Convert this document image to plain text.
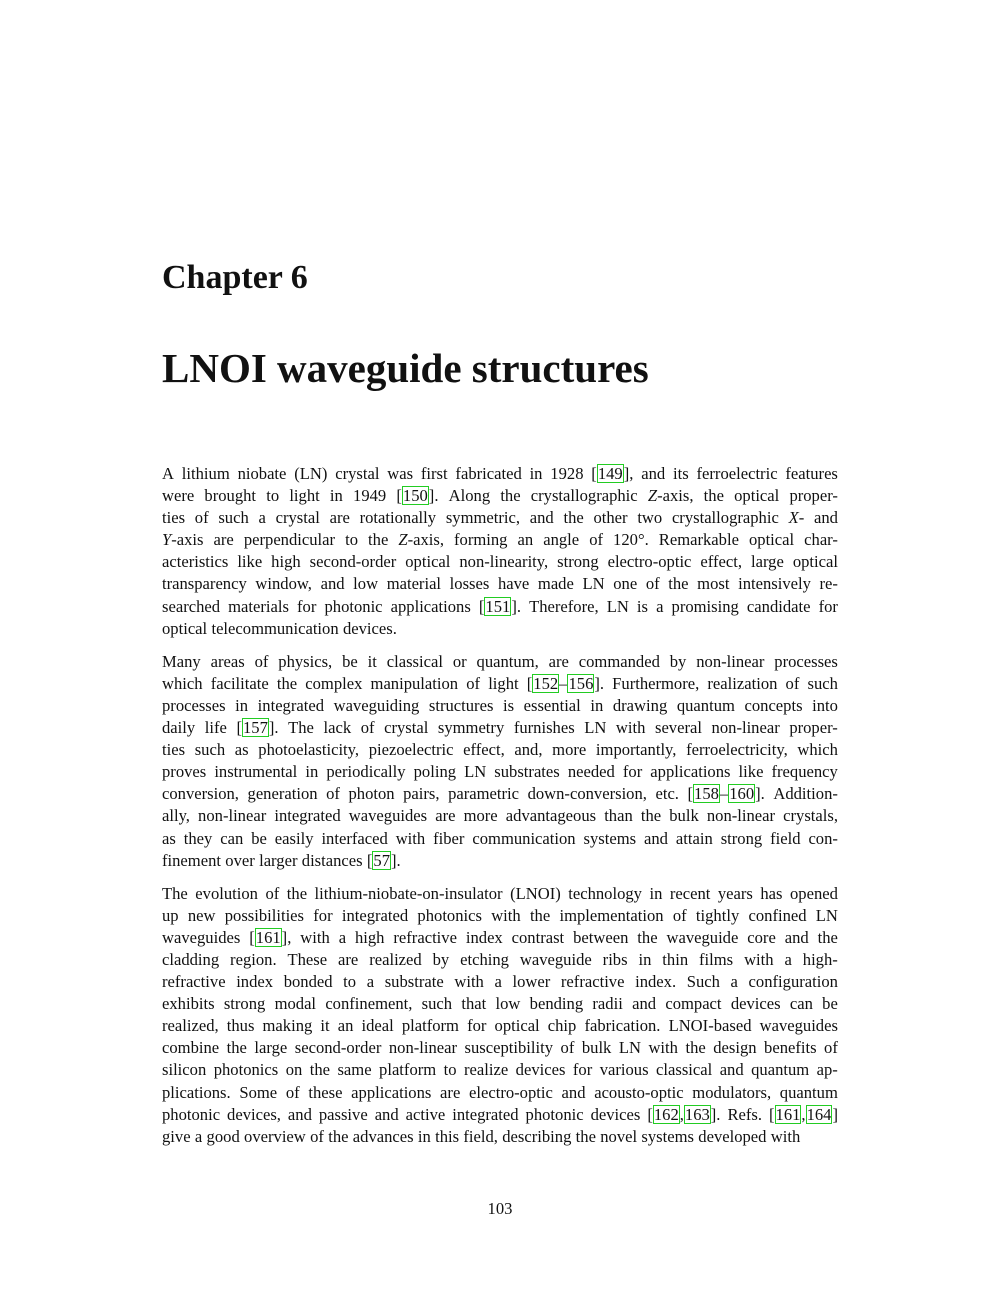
Chapter 6
LNOI waveguide structures
A lithium niobate (LN) crystal was first fabricated in 1928 [149], and its ferroelectric features
were brought to light in 1949 [150]. Along the crystallographic Z-axis, the optical proper-
ties of such a crystal are rotationally symmetric, and the other two crystallographic X- and
Y-axis are perpendicular to the Z-axis, forming an angle of 120°. Remarkable optical char-
acteristics like high second-order optical non-linearity, strong electro-optic effect, large optical
transparency window, and low material losses have made LN one of the most intensively re-
searched materials for photonic applications [151]. Therefore, LN is a promising candidate for
optical telecommunication devices.
Many areas of physics, be it classical or quantum, are commanded by non-linear processes
which facilitate the complex manipulation of light [152–156]. Furthermore, realization of such
processes in integrated waveguiding structures is essential in drawing quantum concepts into
daily life [157]. The lack of crystal symmetry furnishes LN with several non-linear proper-
ties such as photoelasticity, piezoelectric effect, and, more importantly, ferroelectricity, which
proves instrumental in periodically poling LN substrates needed for applications like frequency
conversion, generation of photon pairs, parametric down-conversion, etc. [158–160]. Addition-
ally, non-linear integrated waveguides are more advantageous than the bulk non-linear crystals,
as they can be easily interfaced with fiber communication systems and attain strong field con-
finement over larger distances [57].
The evolution of the lithium-niobate-on-insulator (LNOI) technology in recent years has opened
up new possibilities for integrated photonics with the implementation of tightly confined LN
waveguides [161], with a high refractive index contrast between the waveguide core and the
cladding region. These are realized by etching waveguide ribs in thin films with a high-
refractive index bonded to a substrate with a lower refractive index. Such a configuration
exhibits strong modal confinement, such that low bending radii and compact devices can be
realized, thus making it an ideal platform for optical chip fabrication. LNOI-based waveguides
combine the large second-order non-linear susceptibility of bulk LN with the design benefits of
silicon photonics on the same platform to realize devices for various classical and quantum ap-
plications. Some of these applications are electro-optic and acousto-optic modulators, quantum
photonic devices, and passive and active integrated photonic devices [162,163]. Refs. [161,164]
give a good overview of the advances in this field, describing the novel systems developed with
103
